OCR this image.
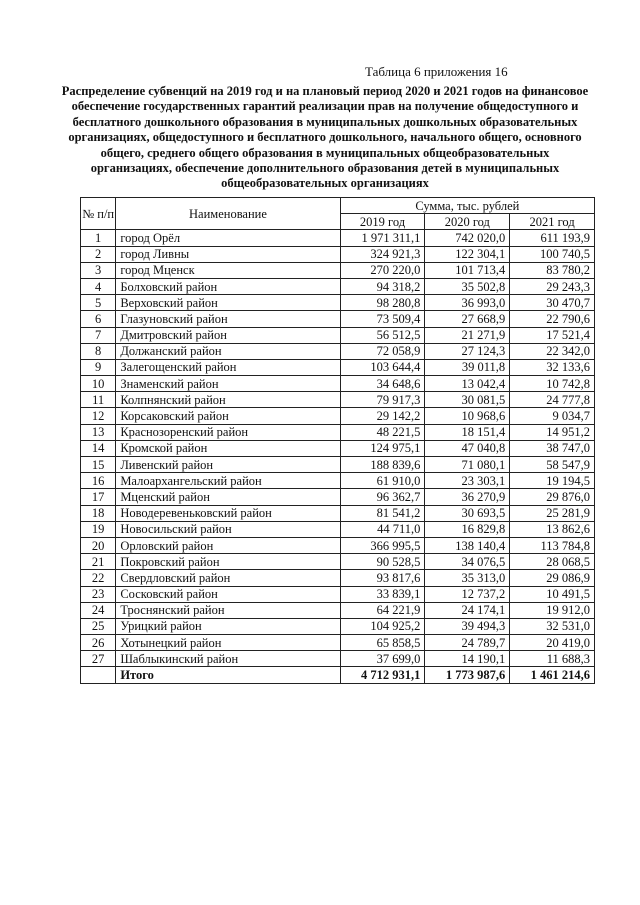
Таблица 6 приложения 16
Распределение субвенций на 2019 год и на плановый период 2020 и 2021 годов на финансовое обеспечение государственных гарантий реализации прав на получение общедоступного и бесплатного дошкольного образования в муниципальных дошкольных образовательных организациях, общедоступного и бесплатного дошкольного, начального общего, основного общего, среднего общего образования в муниципальных общеобразовательных организациях, обеспечение дополнительного образования детей в муниципальных общеобразовательных организациях
№ п/п	Наименование	Сумма, тыс. рублей		
		2019 год	2020 год	2021 год
1	город Орёл	1 971 311,1	742 020,0	611 193,9
2	город Ливны	324 921,3	122 304,1	100 740,5
3	город Мценск	270 220,0	101 713,4	83 780,2
4	Болховский район	94 318,2	35 502,8	29 243,3
5	Верховский район	98 280,8	36 993,0	30 470,7
6	Глазуновский район	73 509,4	27 668,9	22 790,6
7	Дмитровский район	56 512,5	21 271,9	17 521,4
8	Должанский район	72 058,9	27 124,3	22 342,0
9	Залегощенский район	103 644,4	39 011,8	32 133,6
10	Знаменский район	34 648,6	13 042,4	10 742,8
11	Колпнянский район	79 917,3	30 081,5	24 777,8
12	Корсаковский район	29 142,2	10 968,6	9 034,7
13	Краснозоренский район	48 221,5	18 151,4	14 951,2
14	Кромской район	124 975,1	47 040,8	38 747,0
15	Ливенский район	188 839,6	71 080,1	58 547,9
16	Малоархангельский район	61 910,0	23 303,1	19 194,5
17	Мценский район	96 362,7	36 270,9	29 876,0
18	Новодеревеньковский район	81 541,2	30 693,5	25 281,9
19	Новосильский район	44 711,0	16 829,8	13 862,6
20	Орловский район	366 995,5	138 140,4	113 784,8
21	Покровский район	90 528,5	34 076,5	28 068,5
22	Свердловский район	93 817,6	35 313,0	29 086,9
23	Сосковский район	33 839,1	12 737,2	10 491,5
24	Троснянский район	64 221,9	24 174,1	19 912,0
25	Урицкий район	104 925,2	39 494,3	32 531,0
26	Хотынецкий район	65 858,5	24 789,7	20 419,0
27	Шаблыкинский район	37 699,0	14 190,1	11 688,3
	Итого	4 712 931,1	1 773 987,6	1 461 214,6
